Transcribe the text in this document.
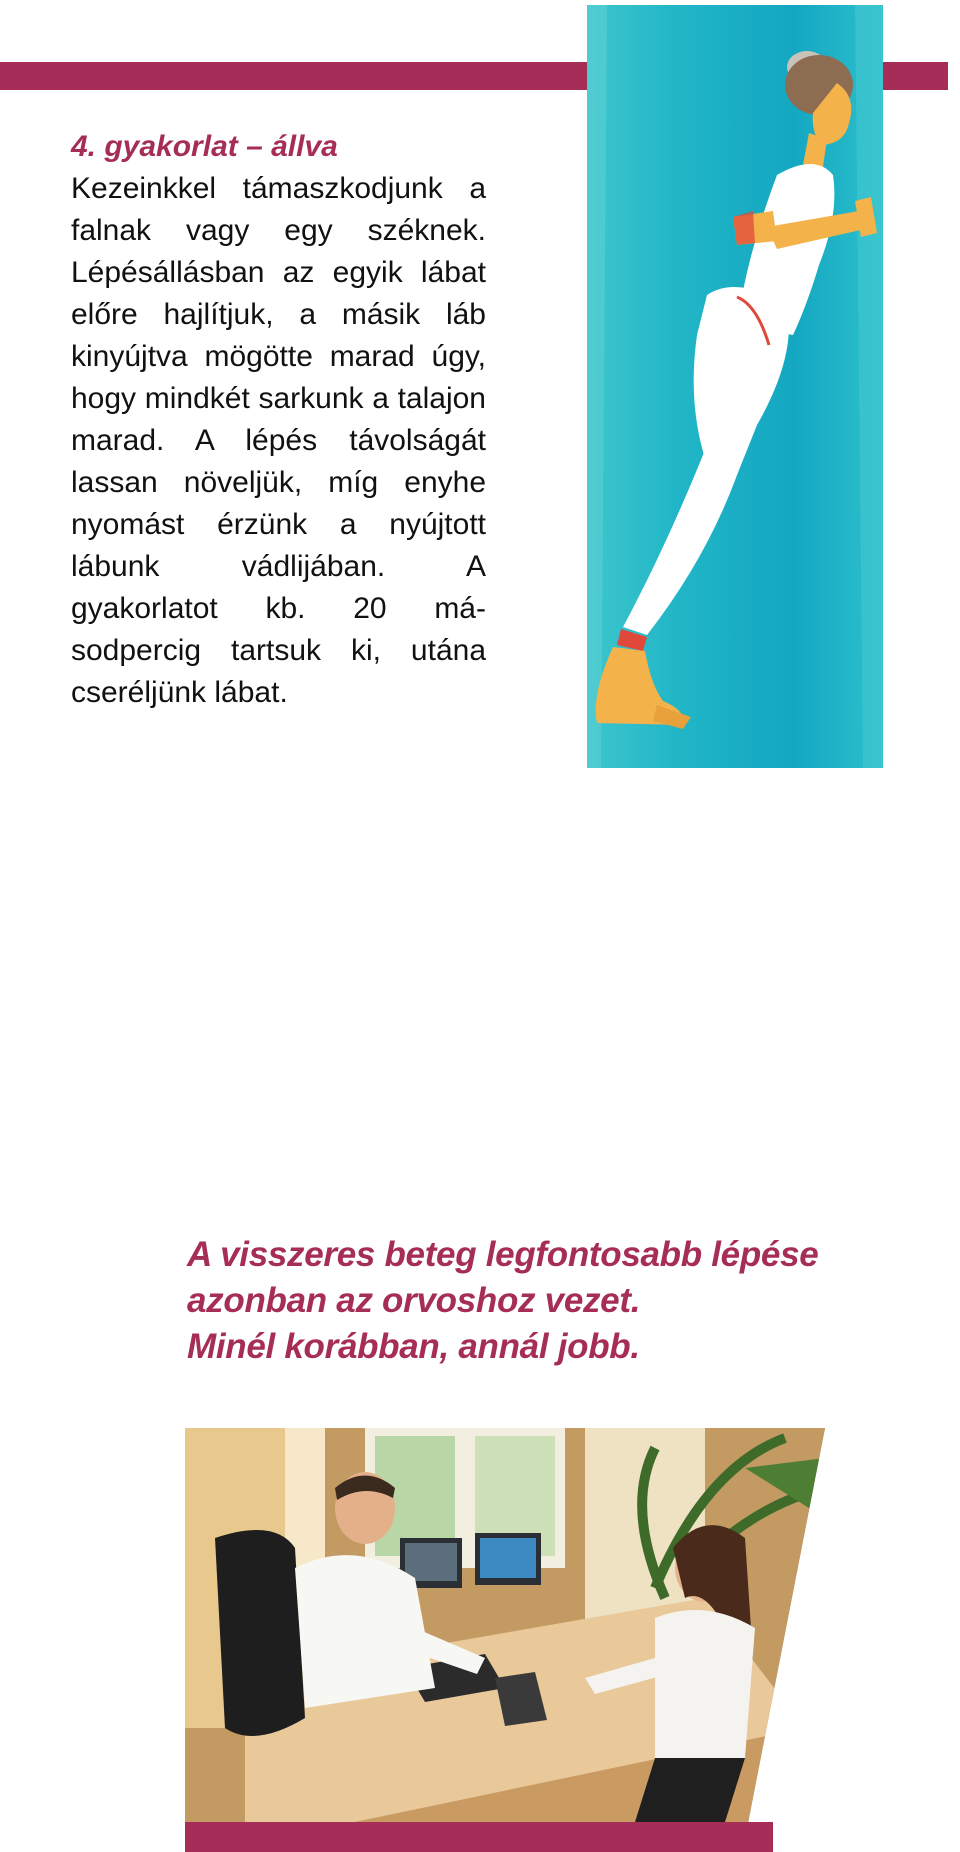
4. gyakorlat – állva

Kezeinkkel támaszkodjunk a falnak vagy egy széknek. Lépésállásban az egyik lábat előre hajlítjuk, a másik láb kinyújtva mögötte marad úgy, hogy mindkét sarkunk a talajon marad. A lépés távolságát lassan növeljük, míg enyhe nyomást érzünk a nyújtott lábunk vádlijában. A gyakorlatot kb. 20 másodpercig tartsuk ki, utána cseréljünk lábat.

A visszeres beteg legfontosabb lépése
azonban az orvoshoz vezet.
Minél korábban, annál jobb.
